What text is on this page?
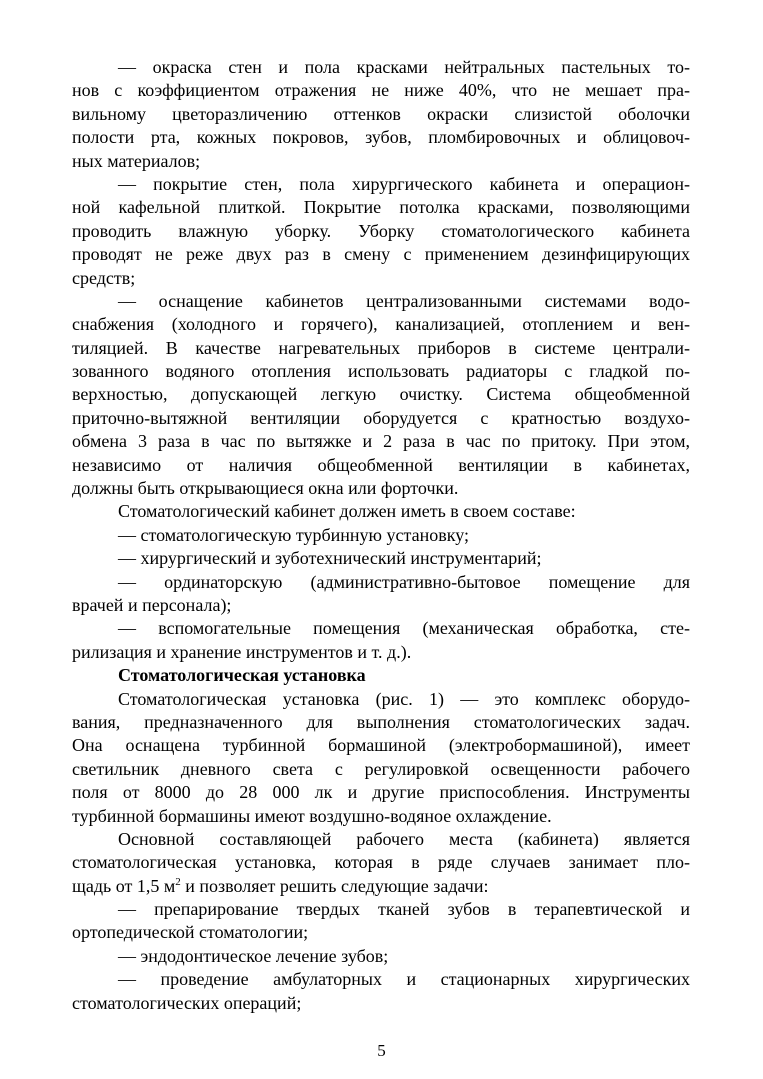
— окраска стен и пола красками нейтральных пастельных то-
нов с коэффициентом отражения не ниже 40%, что не мешает пра-
вильному цветоразличению оттенков окраски слизистой оболочки
полости рта, кожных покровов, зубов, пломбировочных и облицовоч-
ных материалов;
— покрытие стен, пола хирургического кабинета и операцион-
ной кафельной плиткой. Покрытие потолка красками, позволяющими
проводить влажную уборку. Уборку стоматологического кабинета
проводят не реже двух раз в смену с применением дезинфицирующих
средств;
— оснащение кабинетов централизованными системами водо-
снабжения (холодного и горячего), канализацией, отоплением и вен-
тиляцией. В качестве нагревательных приборов в системе централи-
зованного водяного отопления использовать радиаторы с гладкой по-
верхностью, допускающей легкую очистку. Система общеобменной
приточно-вытяжной вентиляции оборудуется с кратностью воздухо-
обмена 3 раза в час по вытяжке и 2 раза в час по притоку. При этом,
независимо от наличия общеобменной вентиляции в кабинетах,
должны быть открывающиеся окна или форточки.
Стоматологический кабинет должен иметь в своем составе:
— стоматологическую турбинную установку;
— хирургический и зуботехнический инструментарий;
— ординаторскую (административно-бытовое помещение для
врачей и персонала);
— вспомогательные помещения (механическая обработка, сте-
рилизация и хранение инструментов и т. д.).
Стоматологическая установка
Стоматологическая установка (рис. 1) — это комплекс оборудо-
вания, предназначенного для выполнения стоматологических задач.
Она оснащена турбинной бормашиной (электробормашиной), имеет
светильник дневного света с регулировкой освещенности рабочего
поля от 8000 до 28 000 лк и другие приспособления. Инструменты
турбинной бормашины имеют воздушно-водяное охлаждение.
Основной составляющей рабочего места (кабинета) является
стоматологическая установка, которая в ряде случаев занимает пло-
щадь от 1,5 $м^2$ и позволяет решить следующие задачи:
— препарирование твердых тканей зубов в терапевтической и
ортопедической стоматологии;
— эндодонтическое лечение зубов;
— проведение амбулаторных и стационарных хирургических
стоматологических операций;
5
